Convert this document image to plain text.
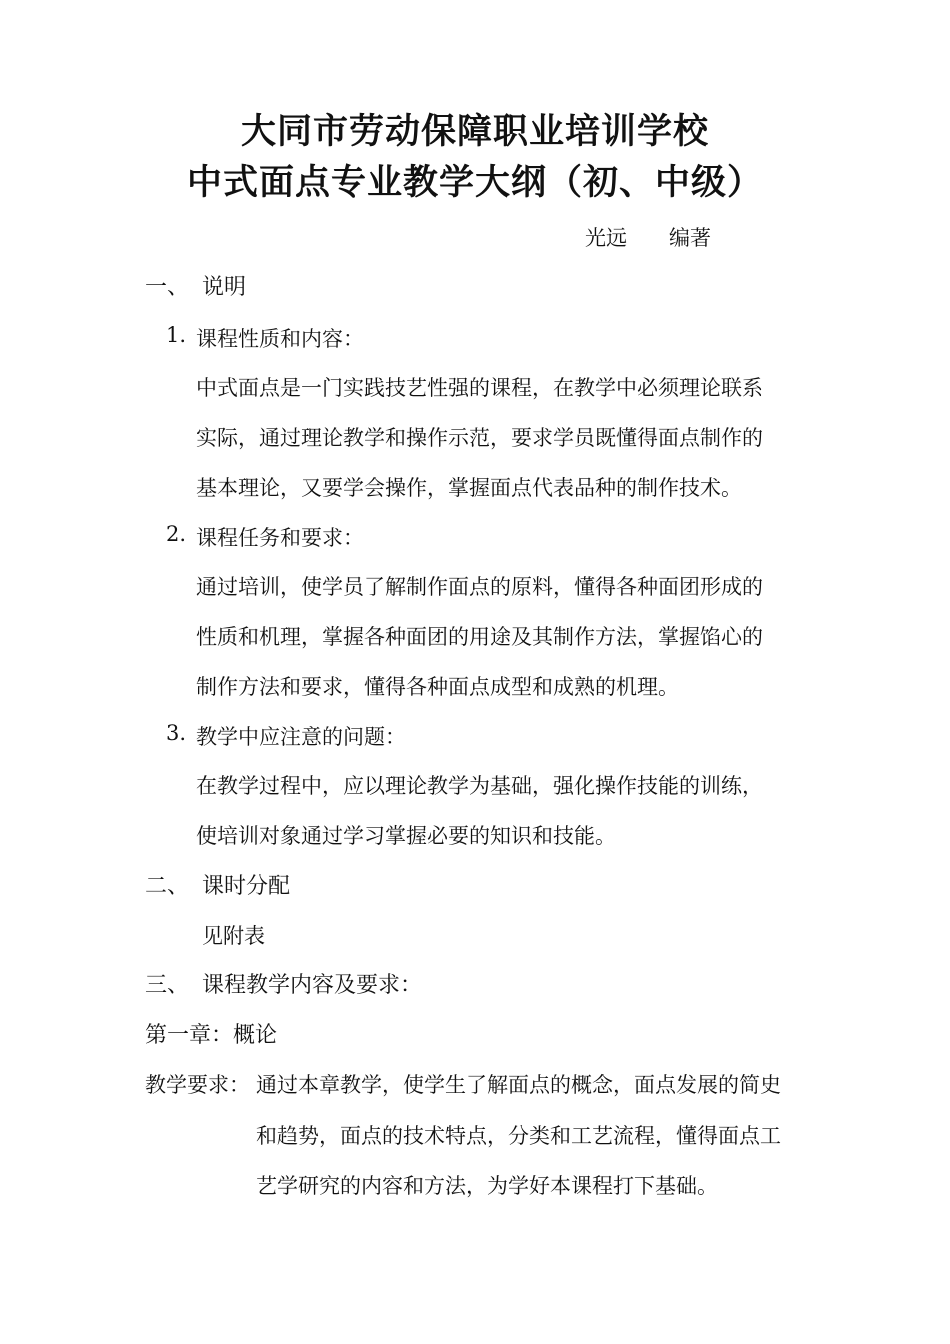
大同市劳动保障职业培训学校
中式面点专业教学大纲（初、中级）

光远　　编著

一、 说明

1. 课程性质和内容：

中式面点是一门实践技艺性强的课程，在教学中必须理论联系

实际，通过理论教学和操作示范，要求学员既懂得面点制作的

基本理论，又要学会操作，掌握面点代表品种的制作技术。

2. 课程任务和要求：

通过培训，使学员了解制作面点的原料，懂得各种面团形成的

性质和机理，掌握各种面团的用途及其制作方法，掌握馅心的

制作方法和要求，懂得各种面点成型和成熟的机理。

3. 教学中应注意的问题：

在教学过程中，应以理论教学为基础，强化操作技能的训练，

使培训对象通过学习掌握必要的知识和技能。

二、 课时分配

见附表

三、 课程教学内容及要求：

第一章：概论

教学要求： 通过本章教学，使学生了解面点的概念，面点发展的简史

和趋势，面点的技术特点，分类和工艺流程，懂得面点工

艺学研究的内容和方法，为学好本课程打下基础。
